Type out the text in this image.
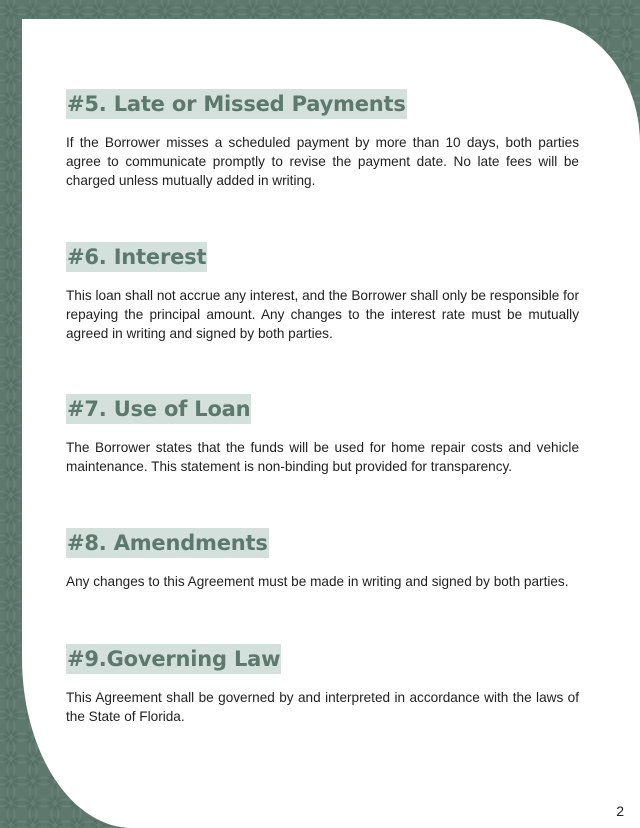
#5. Late or Missed Payments

If the Borrower misses a scheduled payment by more than 10 days, both parties agree to communicate promptly to revise the payment date. No late fees will be charged unless mutually added in writing.

#6. Interest

This loan shall not accrue any interest, and the Borrower shall only be responsible for repaying the principal amount. Any changes to the interest rate must be mutually agreed in writing and signed by both parties.

#7. Use of Loan

The Borrower states that the funds will be used for home repair costs and vehicle maintenance. This statement is non-binding but provided for transparency.

#8. Amendments

Any changes to this Agreement must be made in writing and signed by both parties.

#9.Governing Law

This Agreement shall be governed by and interpreted in accordance with the laws of the State of Florida.

2
